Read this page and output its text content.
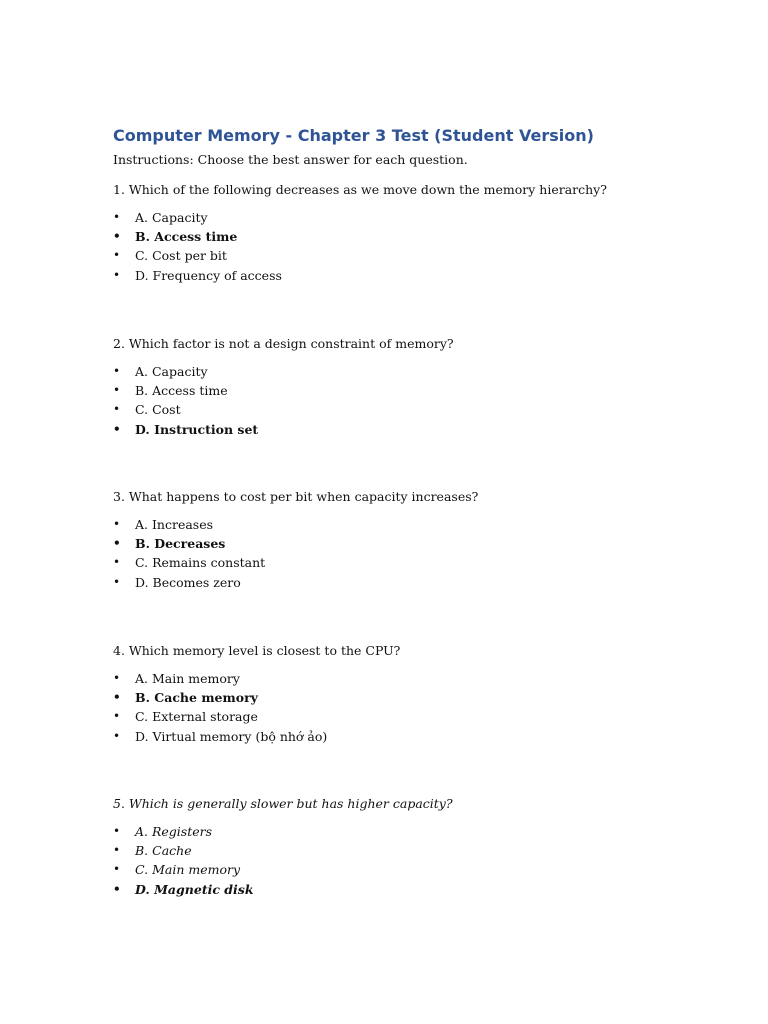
Computer Memory - Chapter 3 Test (Student Version)

Instructions: Choose the best answer for each question.

1. Which of the following decreases as we move down the memory hierarchy?

• A. Capacity
• B. Access time
• C. Cost per bit
• D. Frequency of access

2. Which factor is not a design constraint of memory?

• A. Capacity
• B. Access time
• C. Cost
• D. Instruction set

3. What happens to cost per bit when capacity increases?

• A. Increases
• B. Decreases
• C. Remains constant
• D. Becomes zero

4. Which memory level is closest to the CPU?

• A. Main memory
• B. Cache memory
• C. External storage
• D. Virtual memory (bộ nhớ ảo)

5. Which is generally slower but has higher capacity?

• A. Registers
• B. Cache
• C. Main memory
• D. Magnetic disk
